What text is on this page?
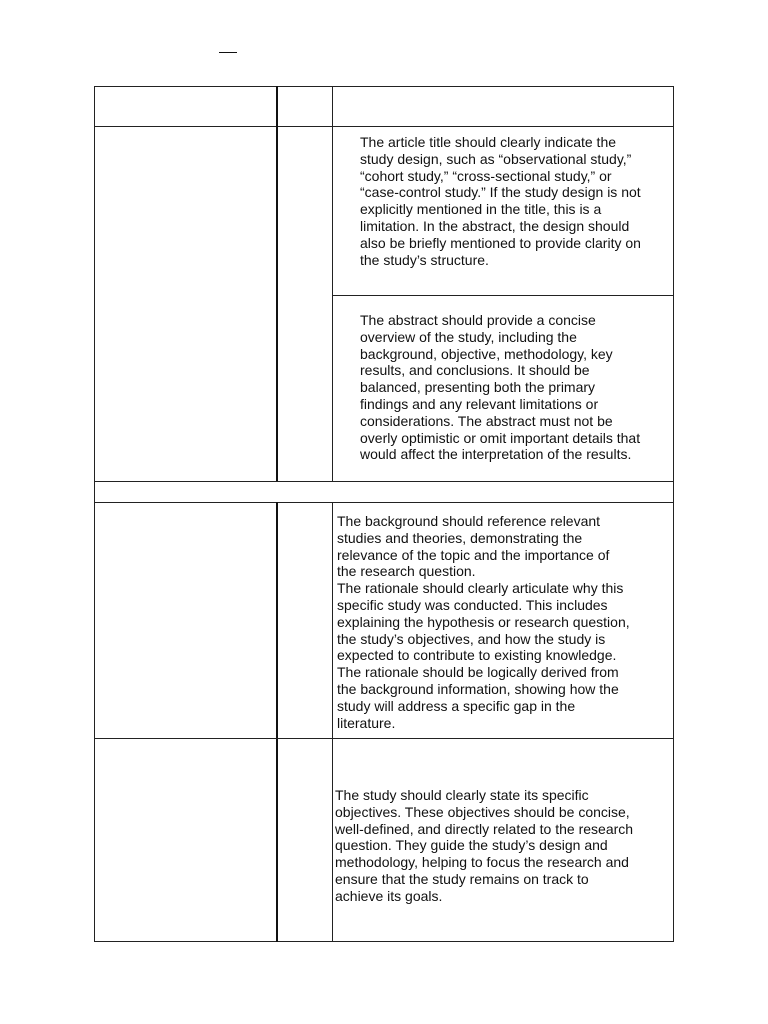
The article title should clearly indicate the
study design, such as “observational study,”
“cohort study,” “cross-sectional study,” or
“case-control study.” If the study design is not
explicitly mentioned in the title, this is a
limitation. In the abstract, the design should
also be briefly mentioned to provide clarity on
the study’s structure.

The abstract should provide a concise
overview of the study, including the
background, objective, methodology, key
results, and conclusions. It should be
balanced, presenting both the primary
findings and any relevant limitations or
considerations. The abstract must not be
overly optimistic or omit important details that
would affect the interpretation of the results.

The background should reference relevant
studies and theories, demonstrating the
relevance of the topic and the importance of
the research question.
The rationale should clearly articulate why this
specific study was conducted. This includes
explaining the hypothesis or research question,
the study’s objectives, and how the study is
expected to contribute to existing knowledge.
The rationale should be logically derived from
the background information, showing how the
study will address a specific gap in the
literature.

The study should clearly state its specific
objectives. These objectives should be concise,
well-defined, and directly related to the research
question. They guide the study’s design and
methodology, helping to focus the research and
ensure that the study remains on track to
achieve its goals.
